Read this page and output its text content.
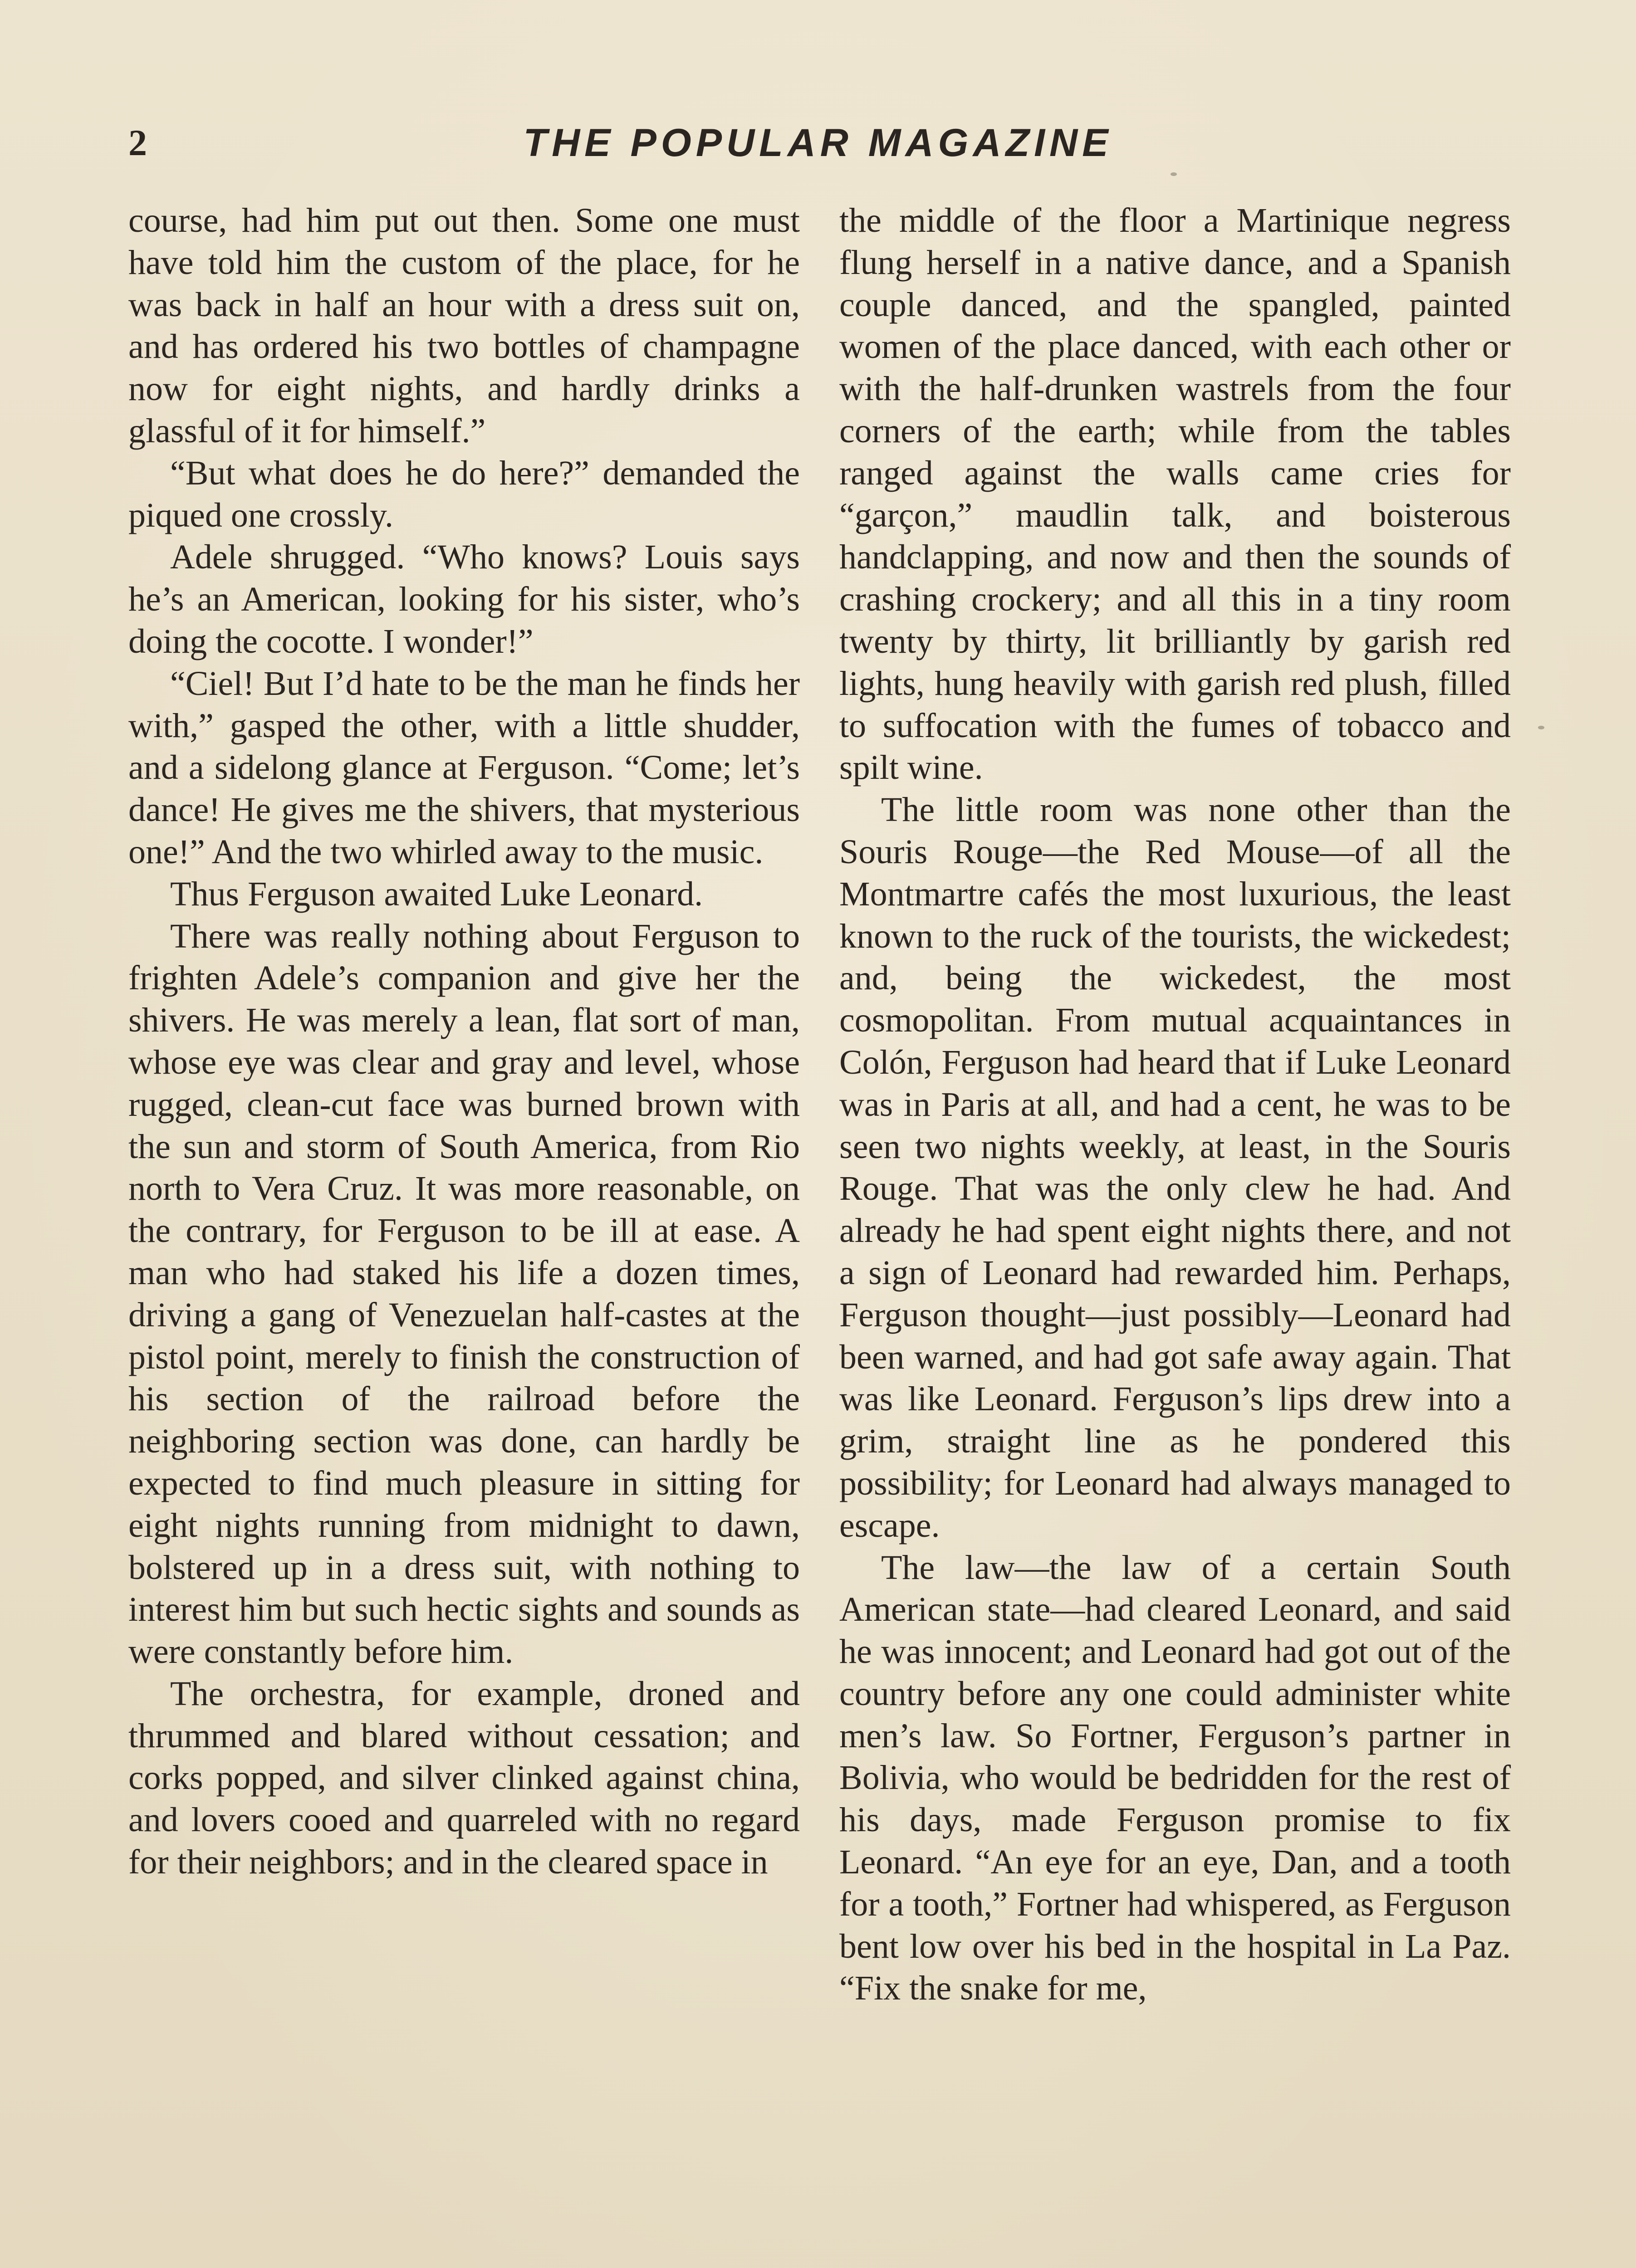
2	THE POPULAR MAGAZINE

course, had him put out then. Some one must have told him the custom of the place, for he was back in half an hour with a dress suit on, and has ordered his two bottles of champagne now for eight nights, and hardly drinks a glassful of it for himself.”

“But what does he do here?” demanded the piqued one crossly.

Adele shrugged. “Who knows? Louis says he’s an American, looking for his sister, who’s doing the cocotte. I wonder!”

“Ciel! But I’d hate to be the man he finds her with,” gasped the other, with a little shudder, and a sidelong glance at Ferguson. “Come; let’s dance! He gives me the shivers, that mysterious one!” And the two whirled away to the music.

Thus Ferguson awaited Luke Leonard.

There was really nothing about Ferguson to frighten Adele’s companion and give her the shivers. He was merely a lean, flat sort of man, whose eye was clear and gray and level, whose rugged, clean-cut face was burned brown with the sun and storm of South America, from Rio north to Vera Cruz. It was more reasonable, on the contrary, for Ferguson to be ill at ease. A man who had staked his life a dozen times, driving a gang of Venezuelan half-castes at the pistol point, merely to finish the construction of his section of the railroad before the neighboring section was done, can hardly be expected to find much pleasure in sitting for eight nights running from midnight to dawn, bolstered up in a dress suit, with nothing to interest him but such hectic sights and sounds as were constantly before him.

The orchestra, for example, droned and thrummed and blared without cessation; and corks popped, and silver clinked against china, and lovers cooed and quarreled with no regard for their neighbors; and in the cleared space in

the middle of the floor a Martinique negress flung herself in a native dance, and a Spanish couple danced, and the spangled, painted women of the place danced, with each other or with the half-drunken wastrels from the four corners of the earth; while from the tables ranged against the walls came cries for “garçon,” maudlin talk, and boisterous handclapping, and now and then the sounds of crashing crockery; and all this in a tiny room twenty by thirty, lit brilliantly by garish red lights, hung heavily with garish red plush, filled to suffocation with the fumes of tobacco and spilt wine.

The little room was none other than the Souris Rouge—the Red Mouse—of all the Montmartre cafés the most luxurious, the least known to the ruck of the tourists, the wickedest; and, being the wickedest, the most cosmopolitan. From mutual acquaintances in Colón, Ferguson had heard that if Luke Leonard was in Paris at all, and had a cent, he was to be seen two nights weekly, at least, in the Souris Rouge. That was the only clew he had. And already he had spent eight nights there, and not a sign of Leonard had rewarded him. Perhaps, Ferguson thought—just possibly—Leonard had been warned, and had got safe away again. That was like Leonard. Ferguson’s lips drew into a grim, straight line as he pondered this possibility; for Leonard had always managed to escape.

The law—the law of a certain South American state—had cleared Leonard, and said he was innocent; and Leonard had got out of the country before any one could administer white men’s law. So Fortner, Ferguson’s partner in Bolivia, who would be bedridden for the rest of his days, made Ferguson promise to fix Leonard. “An eye for an eye, Dan, and a tooth for a tooth,” Fortner had whispered, as Ferguson bent low over his bed in the hospital in La Paz. “Fix the snake for me,
